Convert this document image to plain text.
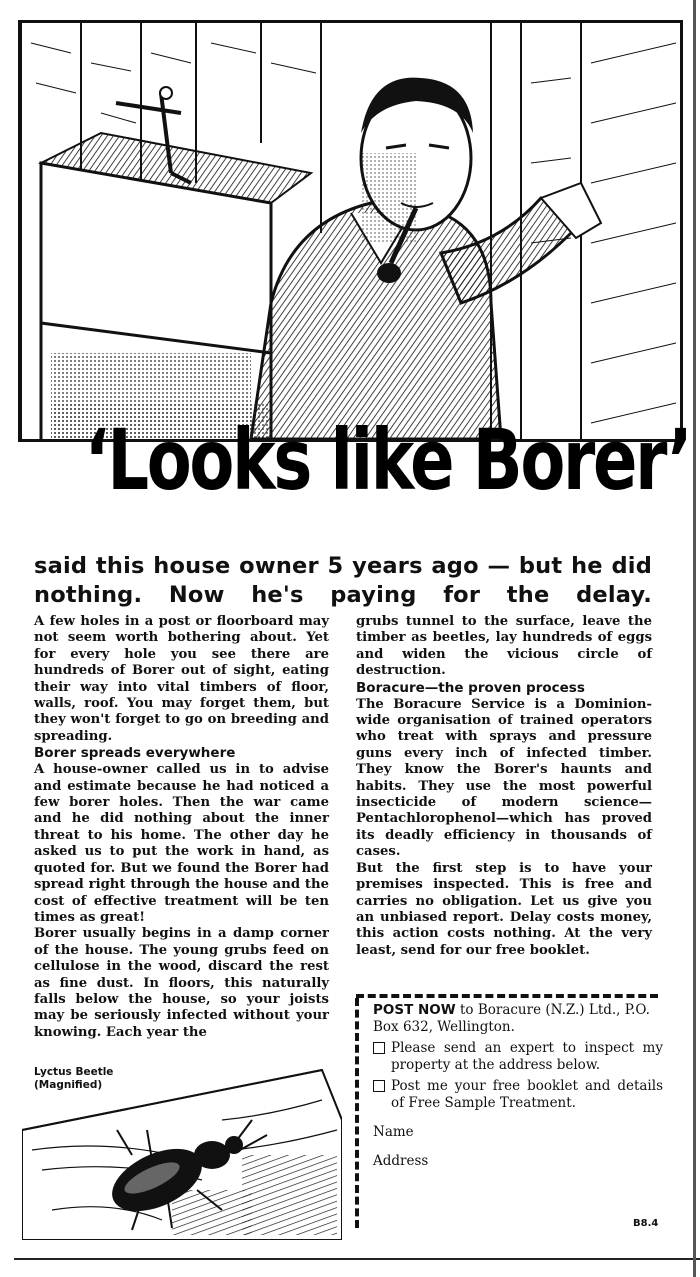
‘Looks like Borer’
said this house owner 5 years ago — but he did nothing. Now he's paying for the delay.

A few holes in a post or floorboard may not seem worth bothering about. Yet for every hole you see there are hundreds of Borer out of sight, eating their way into vital timbers of floor, walls, roof. You may forget them, but they won't forget to go on breeding and spreading.

Borer spreads everywhere

A house-owner called us in to advise and estimate because he had noticed a few borer holes. Then the war came and he did nothing about the inner threat to his home. The other day he asked us to put the work in hand, as quoted for. But we found the Borer had spread right through the house and the cost of effective treatment will be ten times as great!

Borer usually begins in a damp corner of the house. The young grubs feed on cellulose in the wood, discard the rest as fine dust. In floors, this naturally falls below the house, so your joists may be seriously infected without your knowing. Each year the

Lyctus Beetle (Magnified)

grubs tunnel to the surface, leave the timber as beetles, lay hundreds of eggs and widen the vicious circle of destruction.

Boracure—the proven process

The Boracure Service is a Dominion-wide organisation of trained operators who treat with sprays and pressure guns every inch of infected timber. They know the Borer's haunts and habits. They use the most powerful insecticide of modern science—Pentachlorophenol—which has proved its deadly efficiency in thousands of cases.

But the first step is to have your premises inspected. This is free and carries no obligation. Let us give you an unbiased report. Delay costs money, this action costs nothing. At the very least, send for our free booklet.

POST NOW to Boracure (N.Z.) Ltd., P.O. Box 632, Wellington.
Please send an expert to inspect my property at the address below.
Post me your free booklet and details of Free Sample Treatment.
Name
Address
B8.4
